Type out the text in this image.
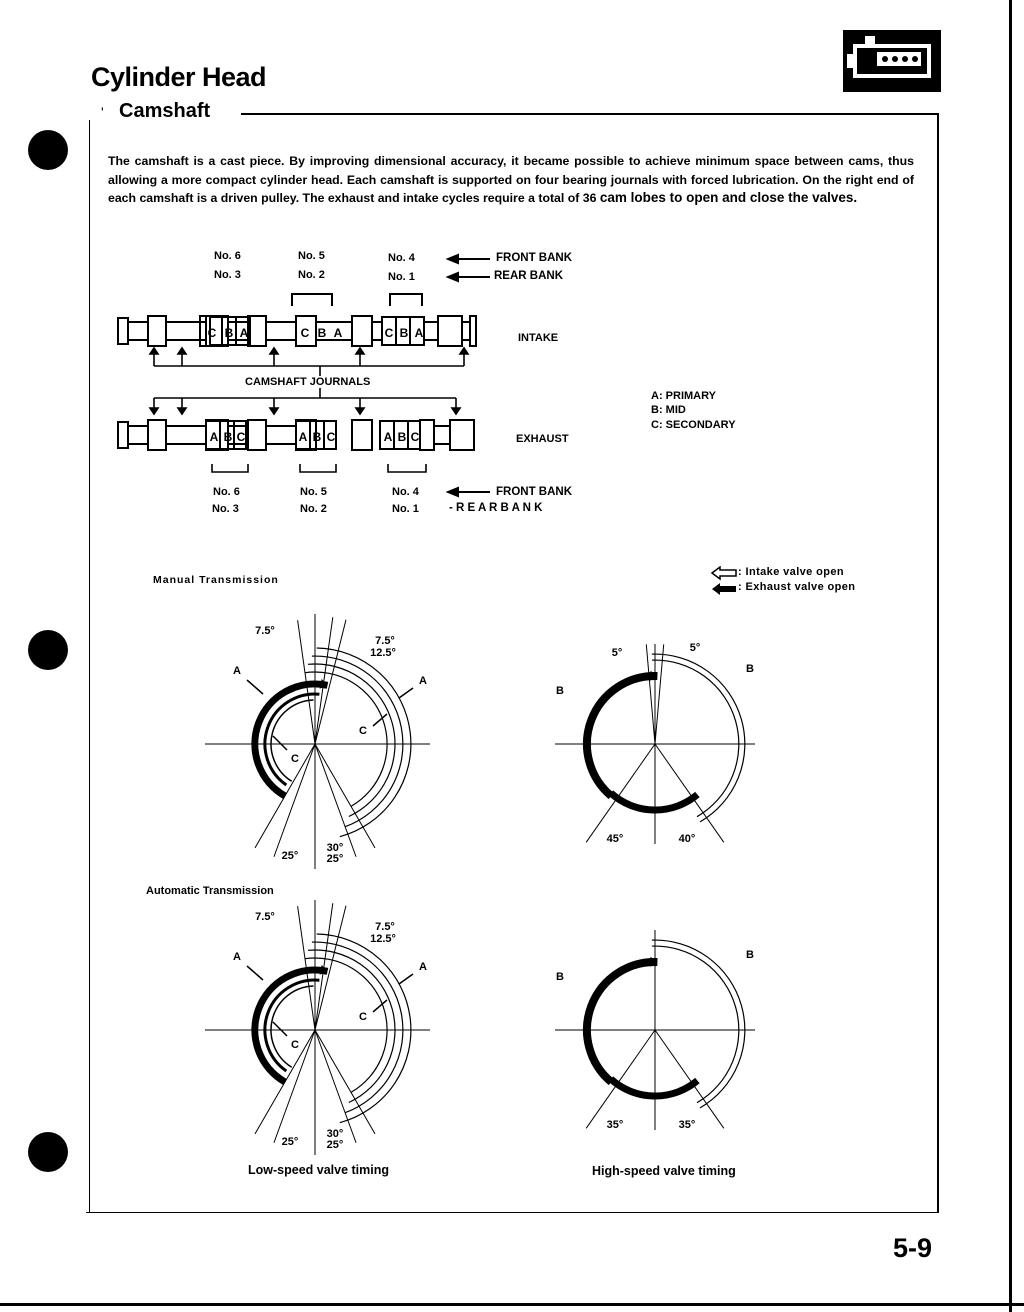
Cylinder Head
' Camshaft
The camshaft is a cast piece. By improving dimensional accuracy, it became possible to achieve minimum space between cams, thus allowing a more compact cylinder head. Each camshaft is supported on four bearing journals with forced lubrication. On the right end of each camshaft is a driven pulley. The exhaust and intake cycles require a total of 36 cam lobes to open and close the valves.
No. 6	No. 5	No. 4
No. 3	No. 2	No. 1
FRONT BANK
REAR BANK
INTAKE
CAMSHAFT JOURNALS
EXHAUST
A: PRIMARY
B: MID
C: SECONDARY
No. 6	No. 5	No. 4
No. 3	No. 2	No. 1
FRONT BANK
- R E A R B A N K
C B A	C B A	C B A
A B C	A B C	A B C
Manual Transmission
Automatic Transmission
: Intake valve open
: Exhaust valve open
Low-speed valve timing	High-speed valve timing
7.5°
7.5°
12.5°
A
A
C
C
30°
25°	25°
5°	5°
B
B
45°	40°
7.5°
7.5°
12.5°
A
A
C
C
30°
25°	25°
B
B
35°	35°
5-9
